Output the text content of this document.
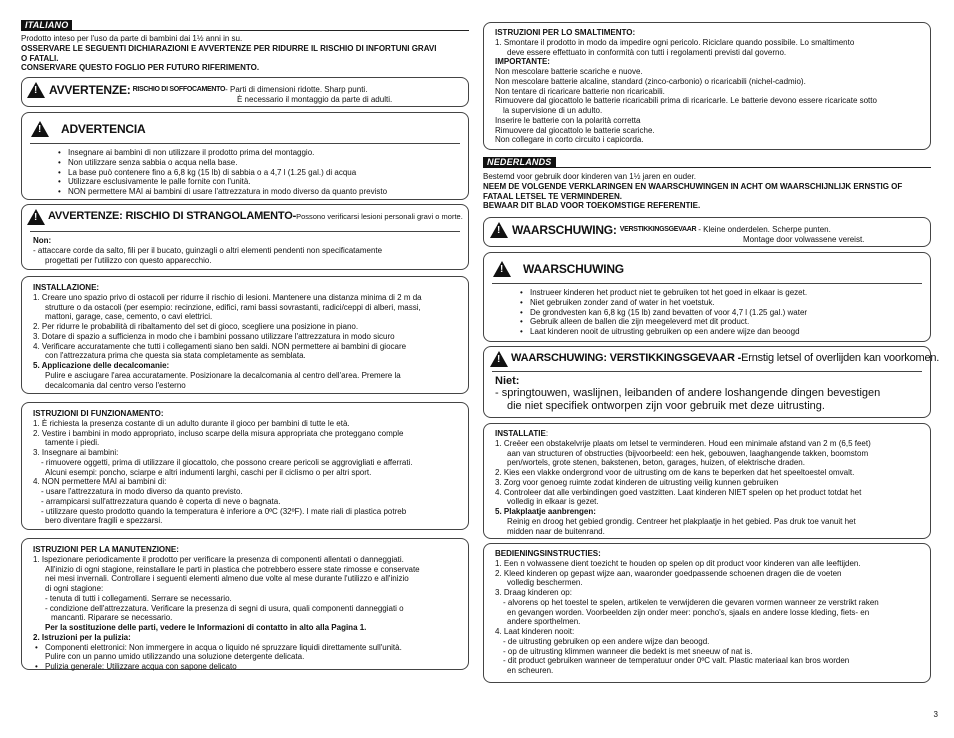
ITALIANO
Prodotto inteso per l'uso da parte di bambini dai 1½ anni in su.
OSSERVARE LE SEGUENTI DICHIARAZIONI E AVVERTENZE PER RIDURRE IL RISCHIO DI INFORTUNI GRAVI
O FATALI.
CONSERVARE QUESTO FOGLIO PER FUTURO RIFERIMENTO.
!
AVVERTENZE: RISCHIO DI SOFFOCAMENTO - Parti di dimensioni ridotte. Sharp punti.
È necessario il montaggio da parte di adulti.
!
ADVERTENCIA
• Insegnare ai bambini di non utilizzare il prodotto prima del montaggio.
• Non utilizzare senza sabbia o acqua nella base.
• La base può contenere fino a 6,8 kg (15 lb) di sabbia o a 4,7 l (1.25 gal.) di acqua
• Utilizzare esclusivamente le palle fornite con l'unità.
• NON permettere MAI ai bambini di usare l'attrezzatura in modo diverso da quanto previsto
!
AVVERTENZE: RISCHIO DI STRANGOLAMENTO- Possono verificarsi lesioni personali gravi o morte.
Non:
- attaccare corde da salto, fili per il bucato, guinzagli o altri elementi pendenti non specificatamente
progettati per l'utilizzo con questo apparecchio.
INSTALLAZIONE:
1. Creare uno spazio privo di ostacoli per ridurre il rischio di lesioni. Mantenere una distanza minima di 2 m da
strutture o da ostacoli (per esempio: recinzione, edifici, rami bassi sovrastanti, radici/ceppi di alberi, massi,
mattoni, garage, case, cemento, o cavi elettrici.
2. Per ridurre le probabilità di ribaltamento del set di gioco, scegliere una posizione in piano.
3. Dotare di spazio a sufficienza in modo che i bambini possano utilizzare l'attrezzatura in modo sicuro
4. Verificare accuratamente che tutti i collegamenti siano ben saldi. NON permettere ai bambini di giocare
con l'attrezzatura prima che questa sia stata completamente as semblata.
5. Applicazione delle decalcomanie:
Pulire e asciugare l'area accuratamente. Posizionare la decalcomania al centro dell'area. Premere la
decalcomania dal centro verso l'esterno
ISTRUZIONI DI FUNZIONAMENTO:
1. È richiesta la presenza costante di un adulto durante il gioco per bambini di tutte le età.
2. Vestire i bambini in modo appropriato, incluso scarpe della misura appropriata che proteggano comple
tamente i piedi.
3. Insegnare ai bambini:
- rimuovere oggetti, prima di utilizzare il giocattolo, che possono creare pericoli se aggrovigliati e afferrati.
Alcuni esempi: poncho, sciarpe e altri indumenti larghi, caschi per il ciclismo o per altri sport.
4. NON permettere MAI ai bambini di:
- usare l'attrezzatura in modo diverso da quanto previsto.
- arrampicarsi sull'attrezzatura quando è coperta di neve o bagnata.
- utilizzare questo prodotto quando la temperatura è inferiore a 0ºC (32ºF). I mate riali di plastica potreb
bero diventare fragili e spezzarsi.
ISTRUZIONI PER LA MANUTENZIONE:
1. Ispezionare periodicamente il prodotto per verificare la presenza di componenti allentati o danneggiati.
All'inizio di ogni stagione, reinstallare le parti in plastica che potrebbero essere state rimosse e conservate
nei mesi invernali. Controllare i seguenti elementi almeno due volte al mese durante l'utilizzo e all'inizio
di ogni stagione:
- tenuta di tutti i collegamenti. Serrare se necessario.
- condizione dell'attrezzatura. Verificare la presenza di segni di usura, quali componenti danneggiati o
mancanti. Riparare se necessario.
Per la sostituzione delle parti, vedere le Informazioni di contatto in alto alla Pagina 1.
2. Istruzioni per la pulizia:
• Componenti elettronici: Non immergere in acqua o liquido né spruzzare liquidi direttamente sull'unità.
Pulire con un panno umido utilizzando una soluzione detergente delicata.
• Pulizia generale: Utilizzare acqua con sapone delicato
ISTRUZIONI PER LO SMALTIMENTO:
1. Smontare il prodotto in modo da impedire ogni pericolo. Riciclare quando possibile. Lo smaltimento
deve essere effettuato in conformità con tutti i regolamenti previsti dal governo.
IMPORTANTE:
Non mescolare batterie scariche e nuove.
Non mescolare batterie alcaline, standard (zinco-carbonio) o ricaricabili (nichel-cadmio).
Non tentare di ricaricare batterie non ricaricabili.
Rimuovere dal giocattolo le batterie ricaricabili prima di ricaricarle. Le batterie devono essere ricaricate sotto
la supervisione di un adulto.
Inserire le batterie con la polarità corretta
Rimuovere dal giocattolo le batterie scariche.
Non collegare in corto circuito i capicorda.
NEDERLANDS
Bestemd voor gebruik door kinderen van 1½ jaren en ouder.
NEEM DE VOLGENDE VERKLARINGEN EN WAARSCHUWINGEN IN ACHT OM WAARSCHIJNLIJK ERNSTIG OF
FATAAL LETSEL TE VERMINDEREN.
BEWAAR DIT BLAD VOOR TOEKOMSTIGE REFERENTIE.
!
WAARSCHUWING: VERSTIKKINGSGEVAAR - Kleine onderdelen. Scherpe punten.
Montage door volwassene vereist.
!
WAARSCHUWING
• Instrueer kinderen het product niet te gebruiken tot het goed in elkaar is gezet.
• Niet gebruiken zonder zand of water in het voetstuk.
• De grondvesten kan 6,8 kg (15 lb) zand bevatten of voor 4,7 l (1.25 gal.) water
• Gebruik alleen de ballen die zijn meegeleverd met dit product.
• Laat kinderen nooit de uitrusting gebruiken op een andere wijze dan beoogd
!
WAARSCHUWING: VERSTIKKINGSGEVAAR - Ernstig letsel of overlijden kan voorkomen.
Niet:
- springtouwen, waslijnen, leibanden of andere loshangende dingen bevestigen
die niet specifiek ontworpen zijn voor gebruik met deze uitrusting.
INSTALLATIE:
1. Creëer een obstakelvrije plaats om letsel te verminderen. Houd een minimale afstand van 2 m (6,5 feet)
aan van structuren of obstructies (bijvoorbeeld: een hek, gebouwen, laaghangende takken, boomstom
pen/wortels, grote stenen, bakstenen, beton, garages, huizen, of elektrische draden.
2. Kies een vlakke ondergrond voor de uitrusting om de kans te beperken dat het speeltoestel omvalt.
3. Zorg voor genoeg ruimte zodat kinderen de uitrusting veilig kunnen gebruiken
4. Controleer dat alle verbindingen goed vastzitten. Laat kinderen NIET spelen op het product totdat het
volledig in elkaar is gezet.
5. Plakplaatje aanbrengen:
Reinig en droog het gebied grondig. Centreer het plakplaatje in het gebied. Pas druk toe vanuit het
midden naar de buitenrand.
BEDIENINGSINSTRUCTIES:
1. Een n volwassene dient toezicht te houden op spelen op dit product voor kinderen van alle leeftijden.
2. Kleed kinderen op gepast wijze aan, waaronder goedpassende schoenen dragen die de voeten
volledig beschermen.
3. Draag kinderen op:
- alvorens op het toestel te spelen, artikelen te verwijderen die gevaren vormen wanneer ze verstrikt raken
en gevangen worden. Voorbeelden zijn onder meer: poncho's, sjaals en andere losse kleding, fiets- en
andere sporthelmen.
4. Laat kinderen nooit:
- de uitrusting gebruiken op een andere wijze dan beoogd.
- op de uitrusting klimmen wanneer die bedekt is met sneeuw of nat is.
- dit product gebruiken wanneer de temperatuur onder 0ºC valt. Plastic materiaal kan bros worden
en scheuren.
3
